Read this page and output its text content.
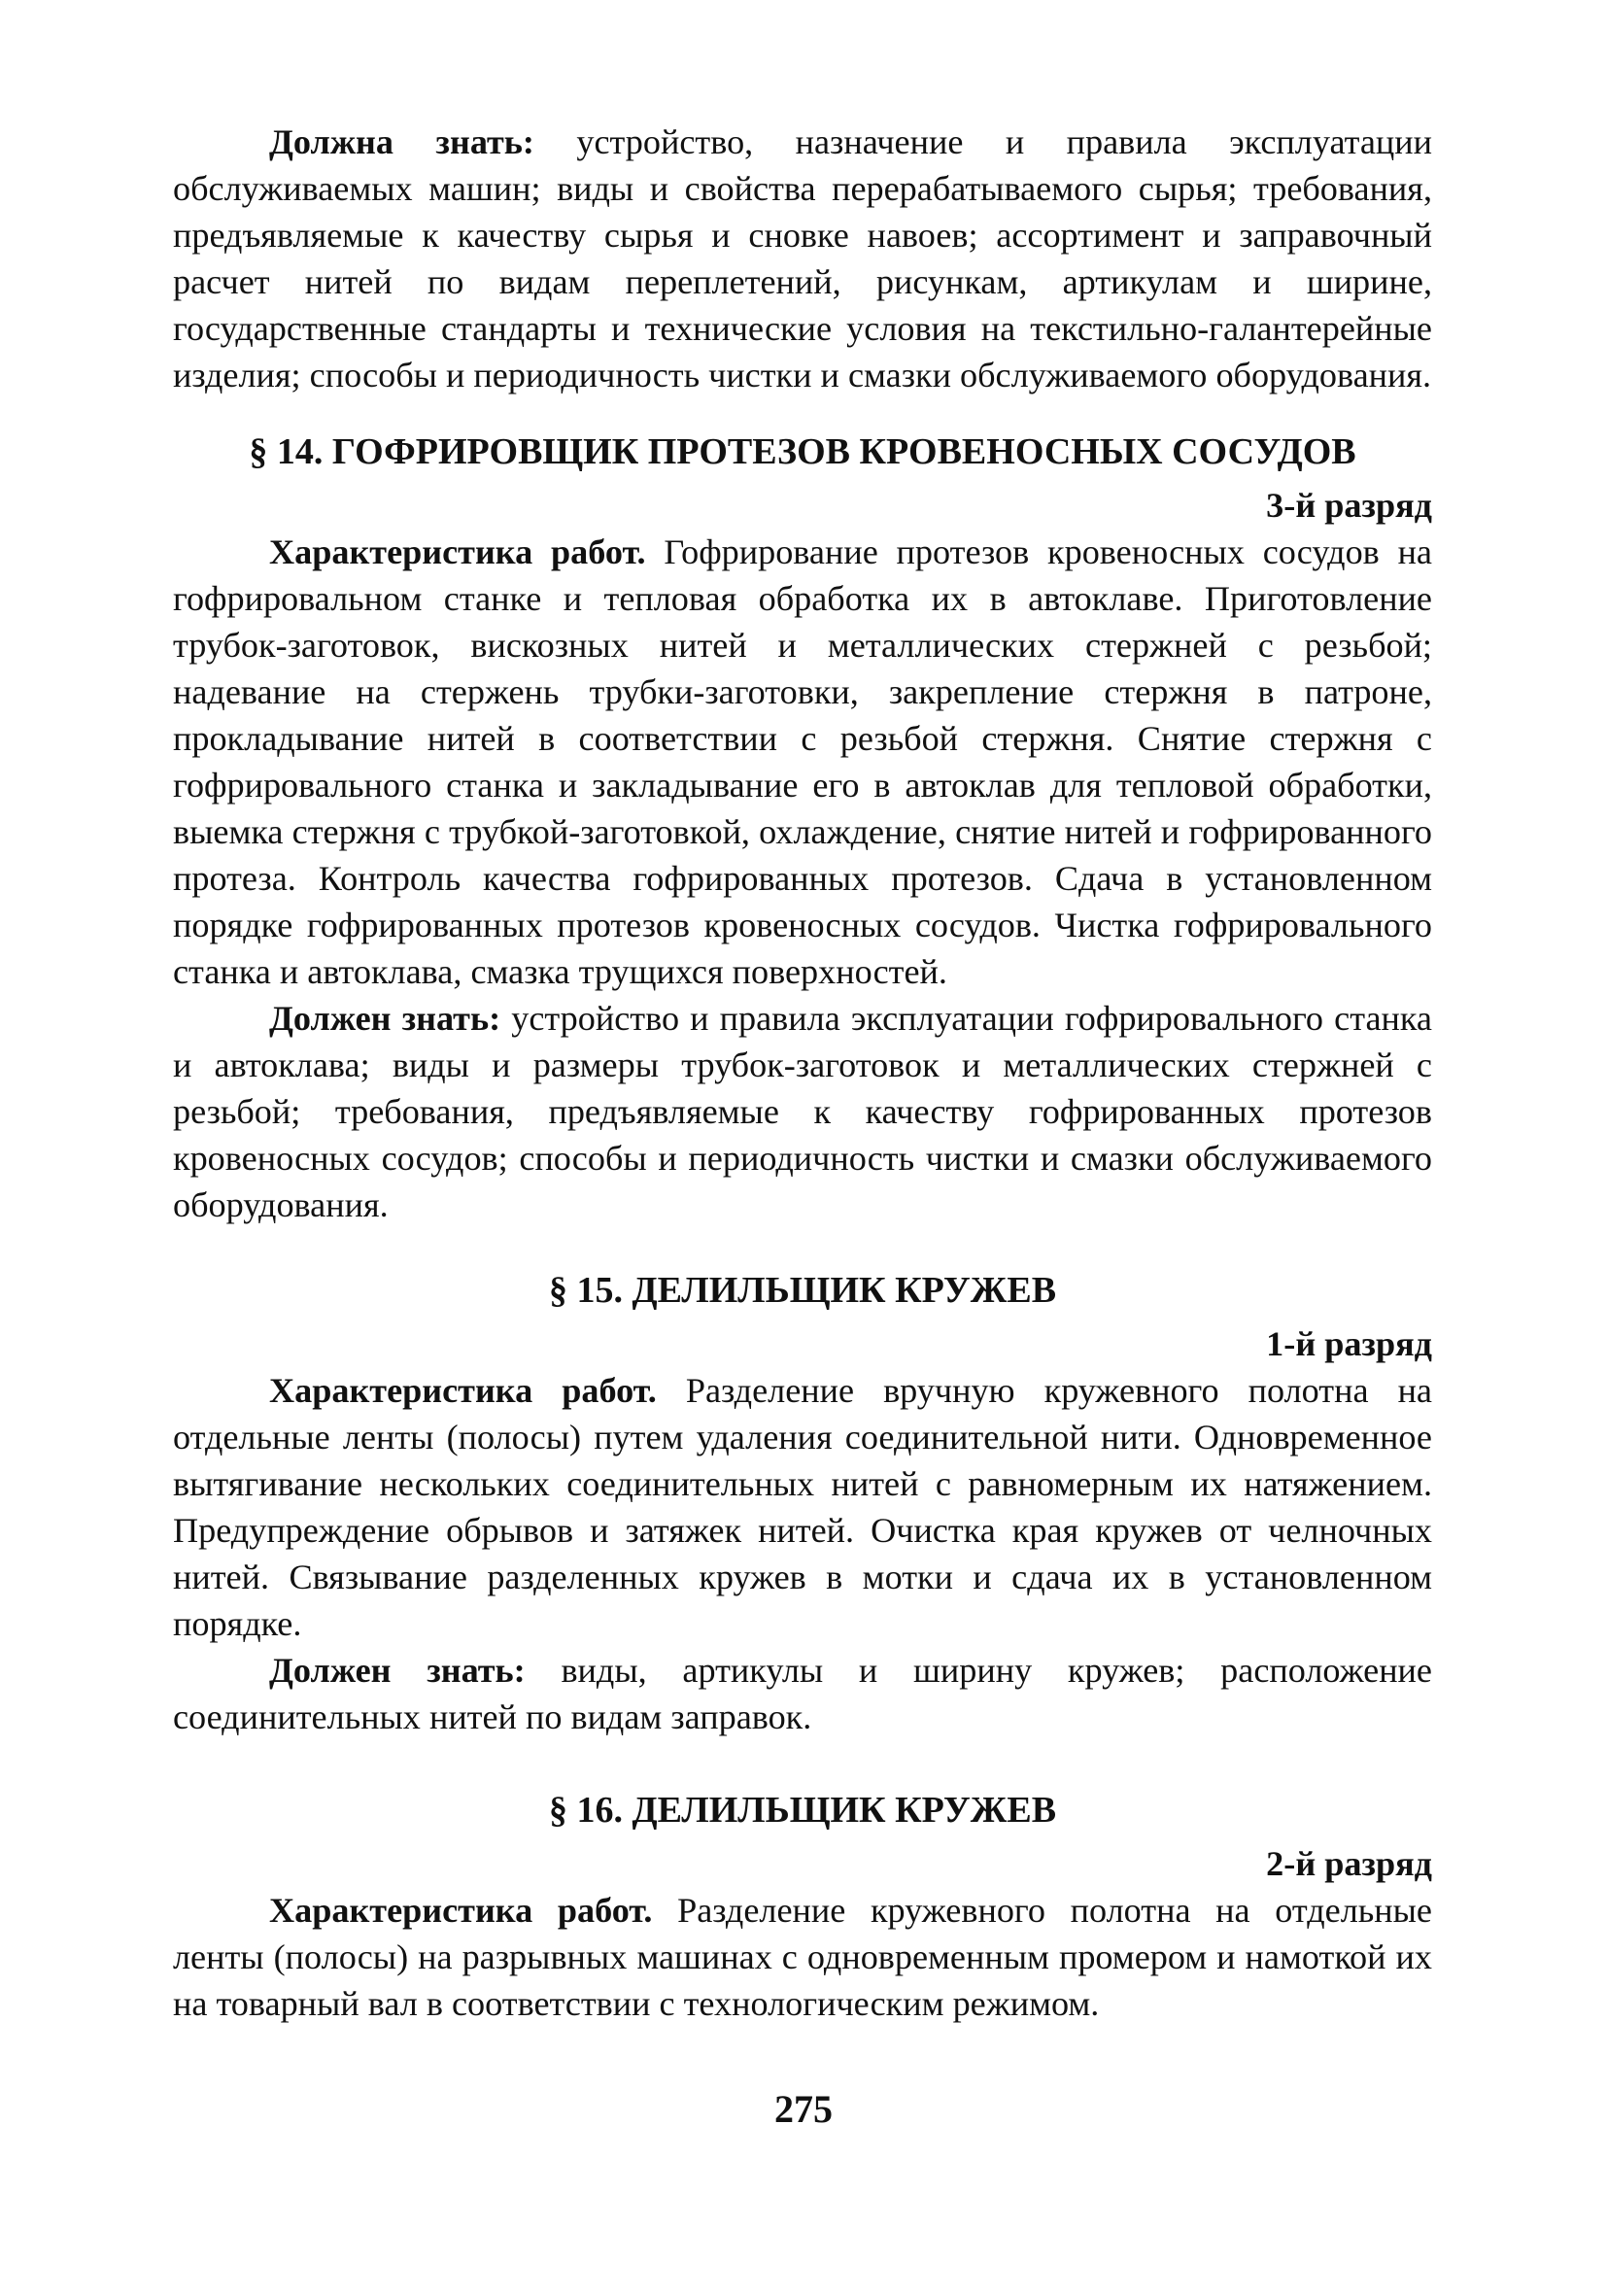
Должна знать: устройство, назначение и правила эксплуатации обслуживаемых машин; виды и свойства перерабатываемого сырья; требования, предъявляемые к качеству сырья и сновке навоев; ассортимент и заправочный расчет нитей по видам переплетений, рисункам, артикулам и ширине, государственные стандарты и технические условия на текстильно-галантерейные изделия; способы и периодичность чистки и смазки обслуживаемого оборудования.

§ 14. ГОФРИРОВЩИК ПРОТЕЗОВ КРОВЕНОСНЫХ СОСУДОВ

3-й разряд

Характеристика работ. Гофрирование протезов кровеносных сосудов на гофрировальном станке и тепловая обработка их в автоклаве. Приготовление трубок-заготовок, вискозных нитей и металлических стержней с резьбой; надевание на стержень трубки-заготовки, закрепление стержня в патроне, прокладывание нитей в соответствии с резьбой стержня. Снятие стержня с гофрировального станка и закладывание его в автоклав для тепловой обработки, выемка стержня с трубкой-заготовкой, охлаждение, снятие нитей и гофрированного протеза. Контроль качества гофрированных протезов. Сдача в установленном порядке гофрированных протезов кровеносных сосудов. Чистка гофрировального станка и автоклава, смазка трущихся поверхностей.

Должен знать: устройство и правила эксплуатации гофрировального станка и автоклава; виды и размеры трубок-заготовок и металлических стержней с резьбой; требования, предъявляемые к качеству гофрированных протезов кровеносных сосудов; способы и периодичность чистки и смазки обслуживаемого оборудования.

§ 15. ДЕЛИЛЬЩИК КРУЖЕВ

1-й разряд

Характеристика работ. Разделение вручную кружевного полотна на отдельные ленты (полосы) путем удаления соединительной нити. Одновременное вытягивание нескольких соединительных нитей с равномерным их натяжением. Предупреждение обрывов и затяжек нитей. Очистка края кружев от челночных нитей. Связывание разделенных кружев в мотки и сдача их в установленном порядке.

Должен знать: виды, артикулы и ширину кружев; расположение соединительных нитей по видам заправок.

§ 16. ДЕЛИЛЬЩИК КРУЖЕВ

2-й разряд

Характеристика работ. Разделение кружевного полотна на отдельные ленты (полосы) на разрывных машинах с одновременным промером и намоткой их на товарный вал в соответствии с технологическим режимом.

275
